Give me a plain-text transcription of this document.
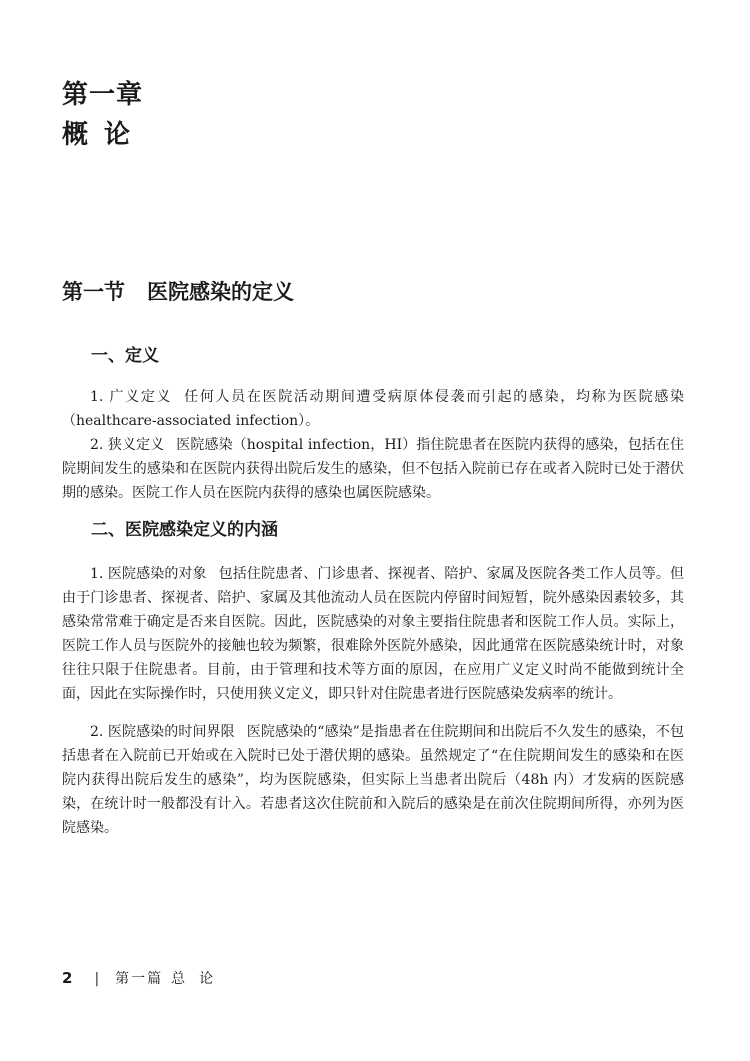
第一章
概论
第一节 医院感染的定义
一、定义

1. 广义定义 任何人员在医院活动期间遭受病原体侵袭而引起的感染，均称为医院感染（healthcare-associated infection）。

2. 狭义定义 医院感染（hospital infection，HI）指住院患者在医院内获得的感染，包括在住院期间发生的感染和在医院内获得出院后发生的感染，但不包括入院前已存在或者入院时已处于潜伏期的感染。医院工作人员在医院内获得的感染也属医院感染。

二、医院感染定义的内涵

1. 医院感染的对象 包括住院患者、门诊患者、探视者、陪护、家属及医院各类工作人员等。但由于门诊患者、探视者、陪护、家属及其他流动人员在医院内停留时间短暂，院外感染因素较多，其感染常常难于确定是否来自医院。因此，医院感染的对象主要指住院患者和医院工作人员。实际上，医院工作人员与医院外的接触也较为频繁，很难除外医院外感染，因此通常在医院感染统计时，对象往往只限于住院患者。目前，由于管理和技术等方面的原因，在应用广义定义时尚不能做到统计全面，因此在实际操作时，只使用狭义定义，即只针对住院患者进行医院感染发病率的统计。

2. 医院感染的时间界限 医院感染的“感染”是指患者在住院期间和出院后不久发生的感染，不包括患者在入院前已开始或在入院时已处于潜伏期的感染。虽然规定了“在住院期间发生的感染和在医院内获得出院后发生的感染”，均为医院感染，但实际上当患者出院后（48h 内）才发病的医院感染，在统计时一般都没有计入。若患者这次住院前和入院后的感染是在前次住院期间所得，亦列为医院感染。

2 | 第一篇 总论
